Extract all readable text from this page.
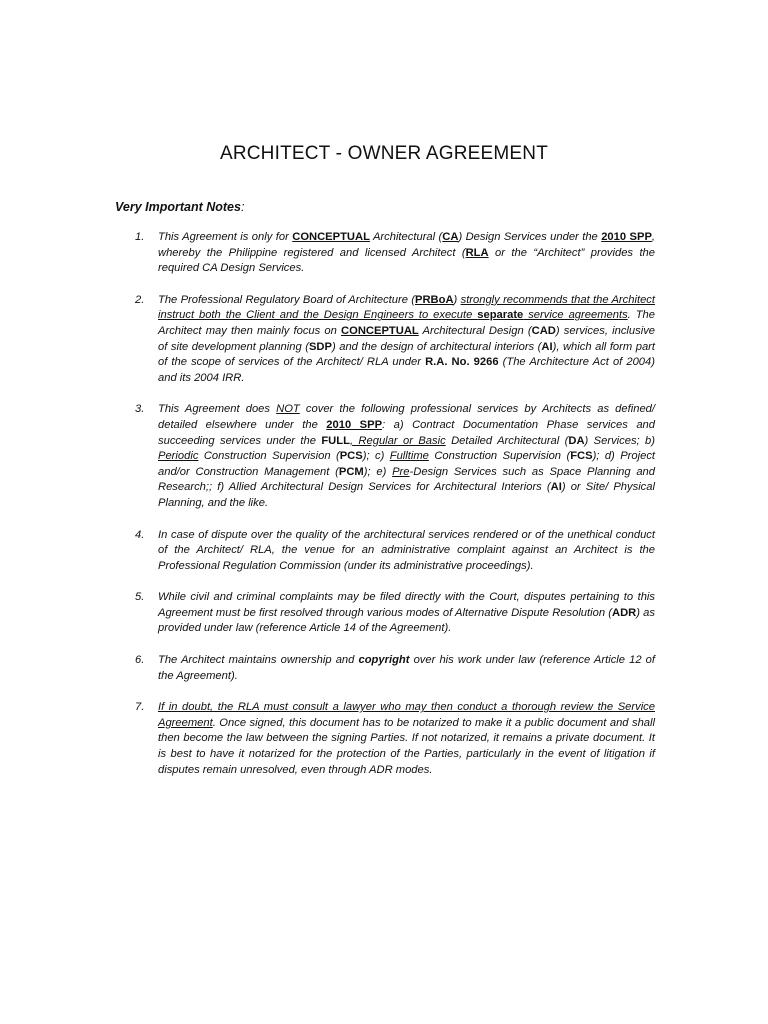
ARCHITECT - OWNER AGREEMENT
Very Important Notes:
1. This Agreement is only for CONCEPTUAL Architectural (CA) Design Services under the 2010 SPP, whereby the Philippine registered and licensed Architect (RLA or the “Architect” provides the required CA Design Services.
2. The Professional Regulatory Board of Architecture (PRBoA) strongly recommends that the Architect instruct both the Client and the Design Engineers to execute separate service agreements. The Architect may then mainly focus on CONCEPTUAL Architectural Design (CAD) services, inclusive of site development planning (SDP) and the design of architectural interiors (AI), which all form part of the scope of services of the Architect/ RLA under R.A. No. 9266 (The Architecture Act of 2004) and its 2004 IRR.
3. This Agreement does NOT cover the following professional services by Architects as defined/ detailed elsewhere under the 2010 SPP: a) Contract Documentation Phase services and succeeding services under the FULL, Regular or Basic Detailed Architectural (DA) Services; b) Periodic Construction Supervision (PCS); c) Fulltime Construction Supervision (FCS); d) Project and/or Construction Management (PCM); e) Pre-Design Services such as Space Planning and Research;; f) Allied Architectural Design Services for Architectural Interiors (AI) or Site/ Physical Planning, and the like.
4. In case of dispute over the quality of the architectural services rendered or of the unethical conduct of the Architect/ RLA, the venue for an administrative complaint against an Architect is the Professional Regulation Commission (under its administrative proceedings).
5. While civil and criminal complaints may be filed directly with the Court, disputes pertaining to this Agreement must be first resolved through various modes of Alternative Dispute Resolution (ADR) as provided under law (reference Article 14 of the Agreement).
6. The Architect maintains ownership and copyright over his work under law (reference Article 12 of the Agreement).
7. If in doubt, the RLA must consult a lawyer who may then conduct a thorough review the Service Agreement. Once signed, this document has to be notarized to make it a public document and shall then become the law between the signing Parties. If not notarized, it remains a private document. It is best to have it notarized for the protection of the Parties, particularly in the event of litigation if disputes remain unresolved, even through ADR modes.
